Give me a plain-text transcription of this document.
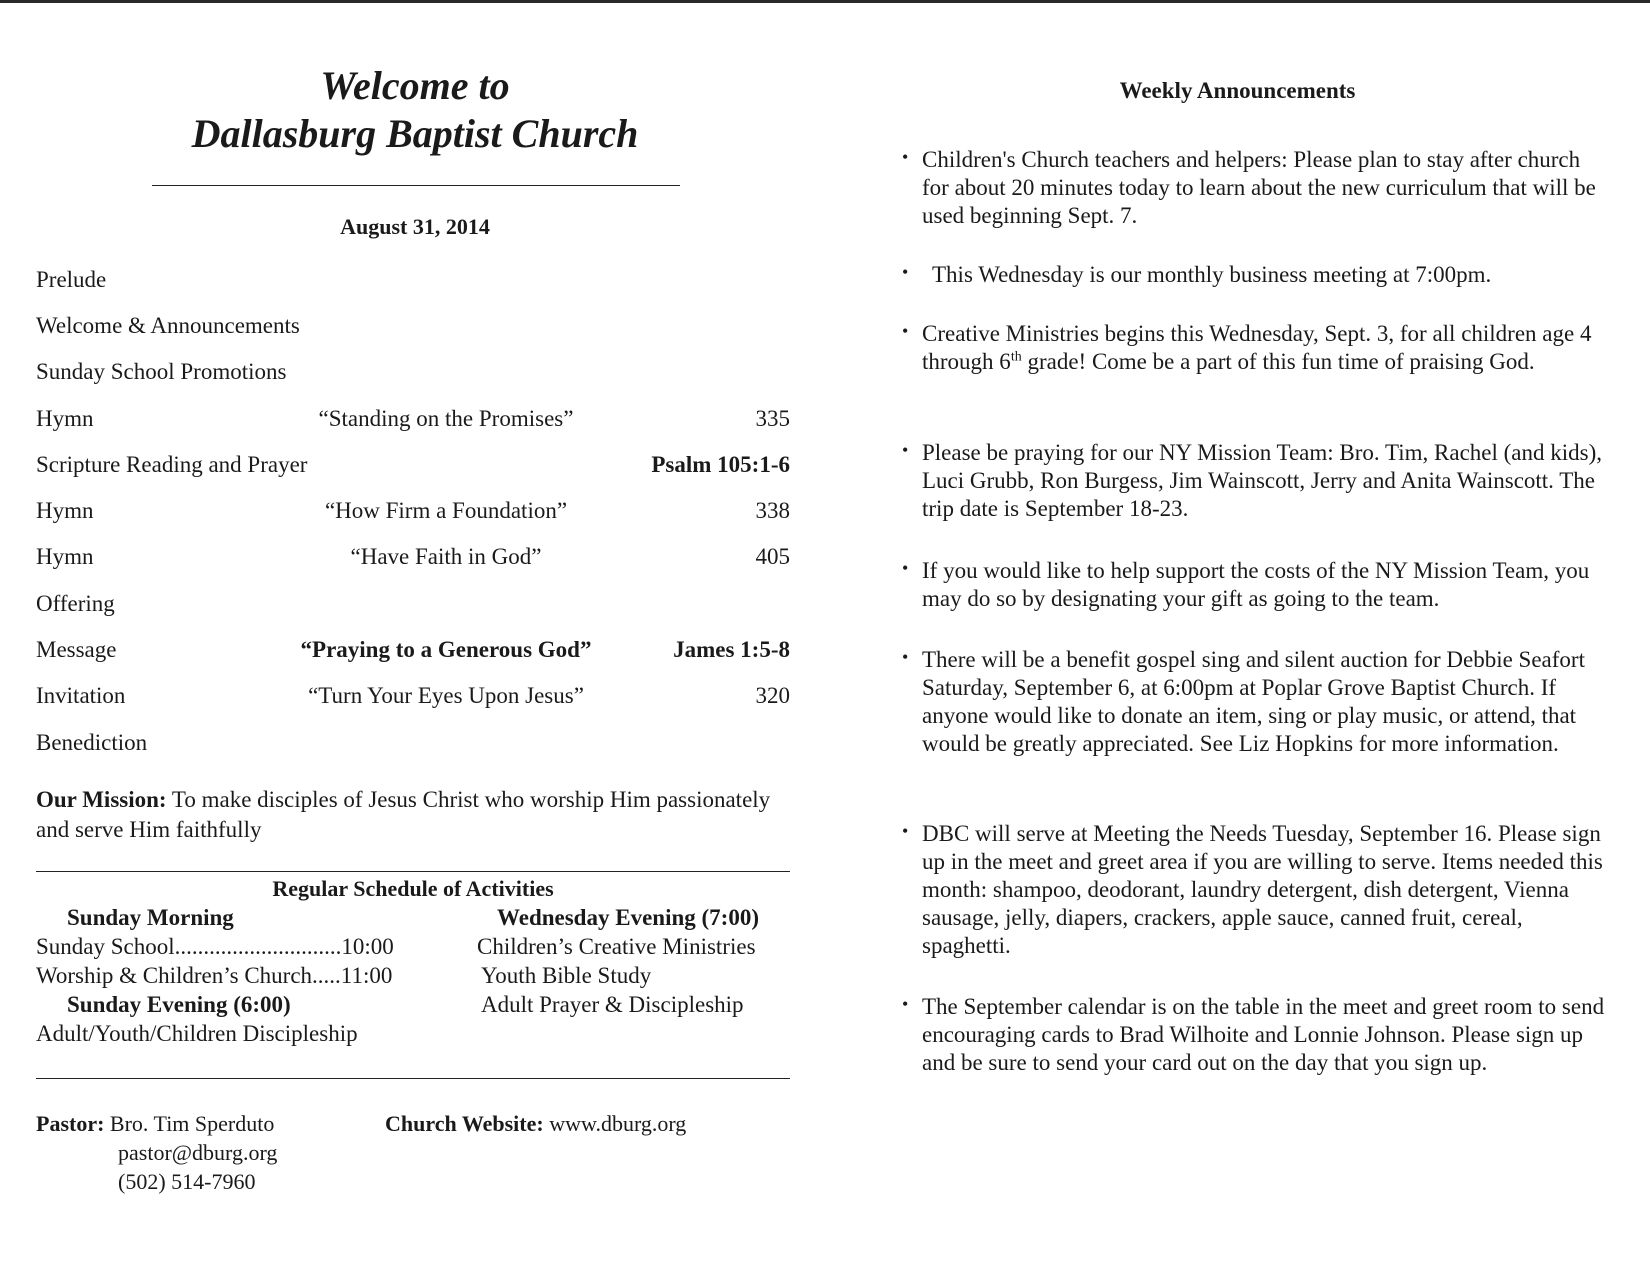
Welcome to
Dallasburg Baptist Church
August 31, 2014
Prelude
Welcome & Announcements
Sunday School Promotions
Hymn	“Standing on the Promises”	335
Scripture Reading and Prayer	Psalm 105:1-6
Hymn	“How Firm a Foundation”	338
Hymn	“Have Faith in God”	405
Offering
Message	“Praying to a Generous God”	James 1:5-8
Invitation	“Turn Your Eyes Upon Jesus”	320
Benediction
Our Mission: To make disciples of Jesus Christ who worship Him passionately and serve Him faithfully
Regular Schedule of Activities
Sunday Morning
Sunday School.............................10:00
Worship & Children’s Church.....11:00
Sunday Evening (6:00)
Adult/Youth/Children Discipleship
Wednesday Evening (7:00)
Children’s Creative Ministries
Youth Bible Study
Adult Prayer & Discipleship
Pastor: Bro. Tim Sperduto
pastor@dburg.org
(502) 514-7960
Church Website: www.dburg.org
Weekly Announcements
• Children's Church teachers and helpers: Please plan to stay after church for about 20 minutes today to learn about the new curriculum that will be used beginning Sept. 7.
• This Wednesday is our monthly business meeting at 7:00pm.
• Creative Ministries begins this Wednesday, Sept. 3, for all children age 4 through 6th grade! Come be a part of this fun time of praising God.
• Please be praying for our NY Mission Team: Bro. Tim, Rachel (and kids), Luci Grubb, Ron Burgess, Jim Wainscott, Jerry and Anita Wainscott. The trip date is September 18-23.
• If you would like to help support the costs of the NY Mission Team, you may do so by designating your gift as going to the team.
• There will be a benefit gospel sing and silent auction for Debbie Seafort Saturday, September 6, at 6:00pm at Poplar Grove Baptist Church. If anyone would like to donate an item, sing or play music, or attend, that would be greatly appreciated. See Liz Hopkins for more information.
• DBC will serve at Meeting the Needs Tuesday, September 16. Please sign up in the meet and greet area if you are willing to serve. Items needed this month: shampoo, deodorant, laundry detergent, dish detergent, Vienna sausage, jelly, diapers, crackers, apple sauce, canned fruit, cereal, spaghetti.
• The September calendar is on the table in the meet and greet room to send encouraging cards to Brad Wilhoite and Lonnie Johnson. Please sign up and be sure to send your card out on the day that you sign up.
